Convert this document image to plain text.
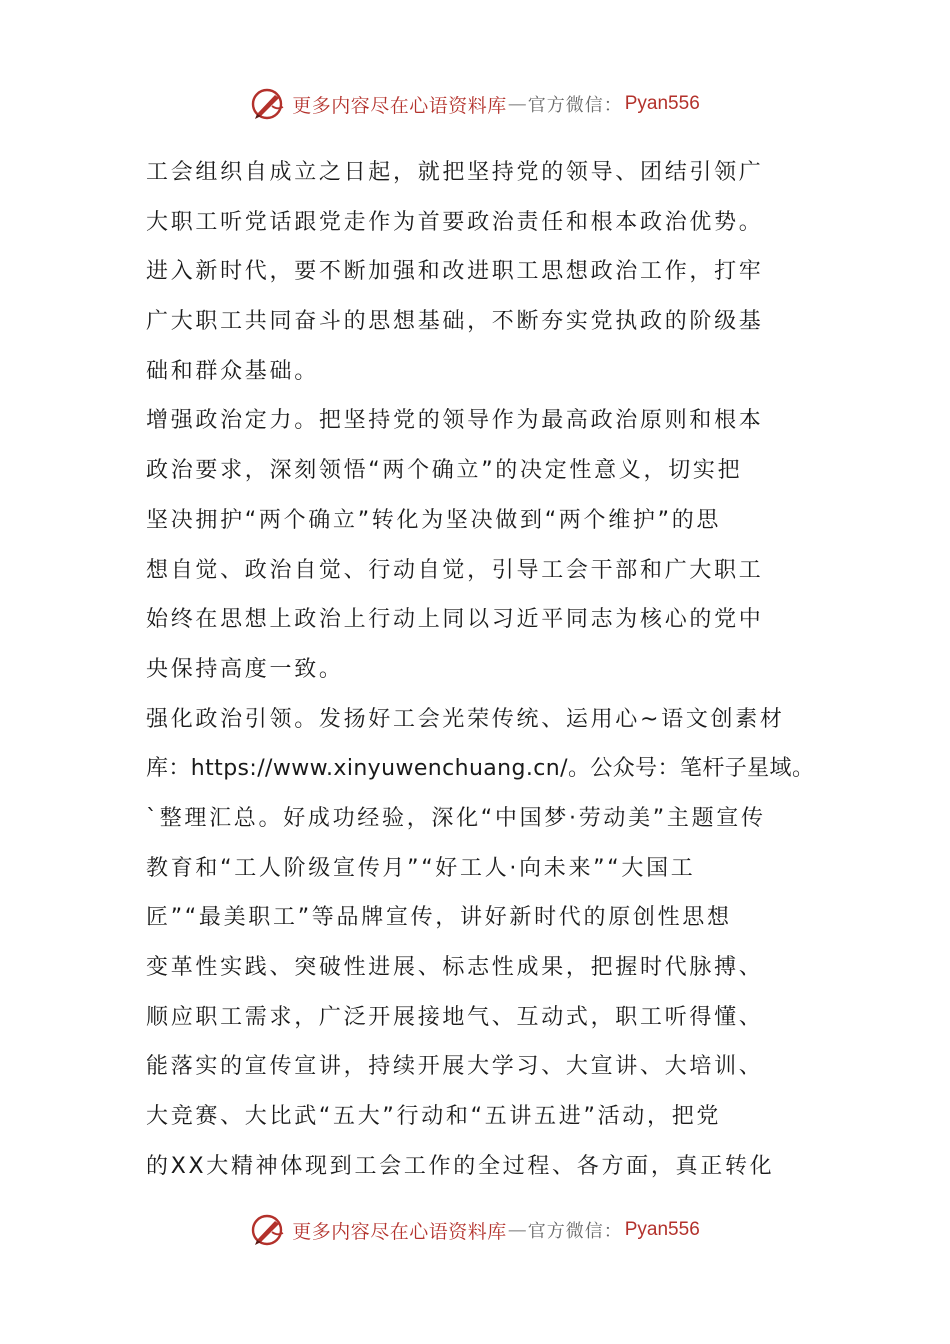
更多内容尽在心语资料库 — 官方微信： Pyan556
工会组织自成立之日起，就把坚持党的领导、团结引领广
大职工听党话跟党走作为首要政治责任和根本政治优势。
进入新时代，要不断加强和改进职工思想政治工作，打牢
广大职工共同奋斗的思想基础，不断夯实党执政的阶级基
础和群众基础。
增强政治定力。把坚持党的领导作为最高政治原则和根本
政治要求，深刻领悟“两个确立”的决定性意义，切实把
坚决拥护“两个确立”转化为坚决做到“两个维护”的思
想自觉、政治自觉、行动自觉，引导工会干部和广大职工
始终在思想上政治上行动上同以习近平同志为核心的党中
央保持高度一致。
强化政治引领。发扬好工会光荣传统、运用心~语文创素材
库：https://www.xinyuwenchuang.cn/。公众号：笔杆子星域。
`整理汇总。好成功经验，深化“中国梦·劳动美”主题宣传
教育和“工人阶级宣传月”“好工人·向未来”“大国工
匠”“最美职工”等品牌宣传，讲好新时代的原创性思想
变革性实践、突破性进展、标志性成果，把握时代脉搏、
顺应职工需求，广泛开展接地气、互动式，职工听得懂、
能落实的宣传宣讲，持续开展大学习、大宣讲、大培训、
大竞赛、大比武“五大”行动和“五讲五进”活动，把党
的XX大精神体现到工会工作的全过程、各方面，真正转化
更多内容尽在心语资料库 — 官方微信： Pyan556
